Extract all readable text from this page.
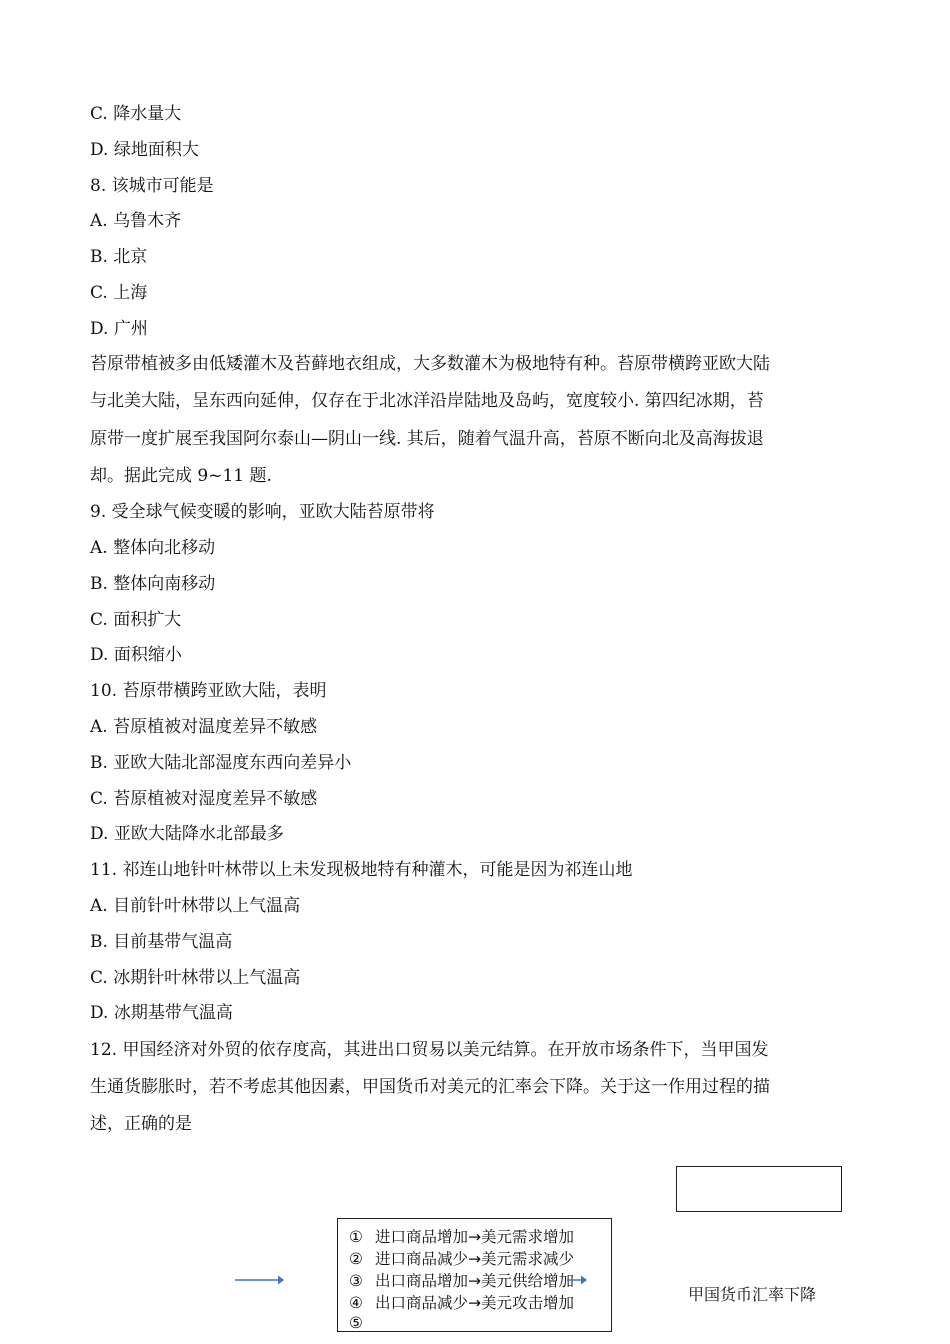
C. 降水量大
D. 绿地面积大
8. 该城市可能是
A. 乌鲁木齐
B. 北京
C. 上海
D. 广州
苔原带植被多由低矮灌木及苔藓地衣组成，大多数灌木为极地特有种。苔原带横跨亚欧大陆
与北美大陆，呈东西向延伸，仅存在于北冰洋沿岸陆地及岛屿，宽度较小. 第四纪冰期，苔
原带一度扩展至我国阿尔泰山—阴山一线. 其后，随着气温升高，苔原不断向北及高海拔退
却。据此完成 9~11 题.
9. 受全球气候变暖的影响，亚欧大陆苔原带将
A. 整体向北移动
B. 整体向南移动
C. 面积扩大
D. 面积缩小
10. 苔原带横跨亚欧大陆，表明
A. 苔原植被对温度差异不敏感
B. 亚欧大陆北部湿度东西向差异小
C. 苔原植被对湿度差异不敏感
D. 亚欧大陆降水北部最多
11. 祁连山地针叶林带以上未发现极地特有种灌木，可能是因为祁连山地
A. 目前针叶林带以上气温高
B. 目前基带气温高
C. 冰期针叶林带以上气温高
D. 冰期基带气温高
12. 甲国经济对外贸的依存度高，其进出口贸易以美元结算。在开放市场条件下，当甲国发
生通货膨胀时，若不考虑其他因素，甲国货币对美元的汇率会下降。关于这一作用过程的描
述，正确的是
① 进口商品增加→美元需求增加
② 进口商品减少→美元需求减少
③ 出口商品增加→美元供给增加
④ 出口商品减少→美元攻击增加
⑤
甲国货币汇率下降
